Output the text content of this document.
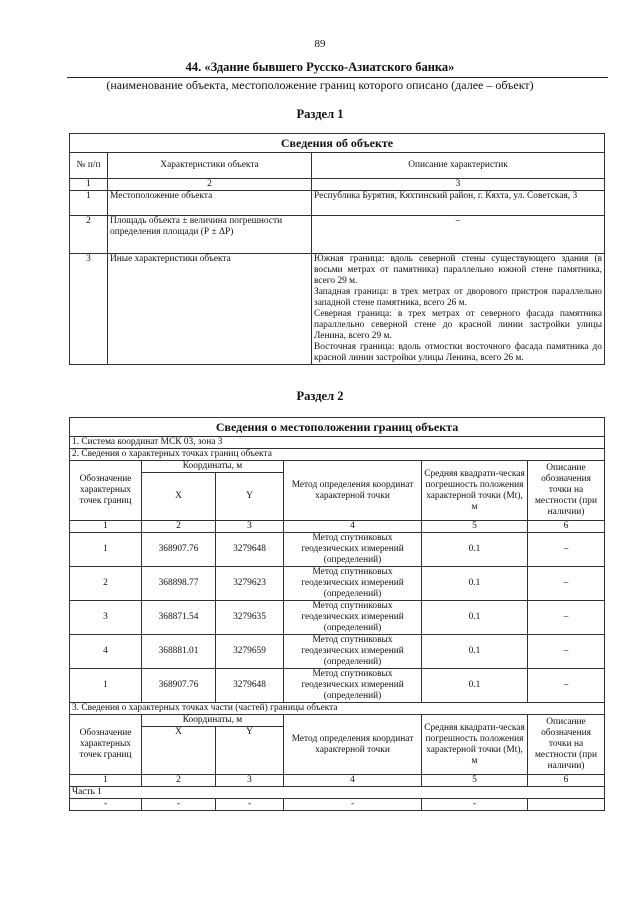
89
44. «Здание бывшего Русско-Азиатского банка»
(наименование объекта, местоположение границ которого описано (далее – объект)
Раздел 1
Сведения об объекте		
№ п/п	Характеристики объекта	Описание характеристик
1	2	3
1	Местоположение объекта	Республика Бурятия, Кяхтинский район, г. Кяхта, ул. Советская, 3
2	Площадь объекта ± величина погрешности определения площади (Р ± ΔР)	–
3	Иные характеристики объекта	Южная граница: вдоль северной стены существующего здания (в восьми метрах от памятника) параллельно южной стене памятника, всего 29 м.
Западная граница: в трех метрах от дворового пристроя параллельно западной стене памятника, всего 26 м.
Северная граница: в трех метрах от северного фасада памятника параллельно северной стене до красной линии застройки улицы Ленина, всего 29 м.
Восточная граница: вдоль отмостки восточного фасада памятника до красной линии застройки улицы Ленина, всего 26 м.
Раздел 2
Сведения о местоположении границ объекта					
1. Система координат МСК 03, зона 3					
2. Сведения о характерных точках границ объекта					
Обозначение характерных точек границ	Координаты, м		Метод определения координат характерной точки	Средняя квадрати-ческая погрешность положения характерной точки (Mt), м	Описание обозначения точки на местности (при наличии)
	X	Y			
1	2	3	4	5	6
1	368907.76	3279648	Метод спутниковых геодезических измерений (определений)	0.1	–
2	368898.77	3279623	Метод спутниковых геодезических измерений (определений)	0.1	–
3	368871.54	3279635	Метод спутниковых геодезических измерений (определений)	0.1	–
4	368881.01	3279659	Метод спутниковых геодезических измерений (определений)	0.1	–
1	368907.76	3279648	Метод спутниковых геодезических измерений (определений)	0.1	–
3. Сведения о характерных точках части (частей) границы объекта					
Обозначение характерных точек границ	Координаты, м		Метод определения координат характерной точки	Средняя квадрати-ческая погрешность положения характерной точки (Mt), м	Описание обозначения точки на местности (при наличии)
	X	Y			
1	2	3	4	5	6
Часть 1					
-	-	-	-	-	
